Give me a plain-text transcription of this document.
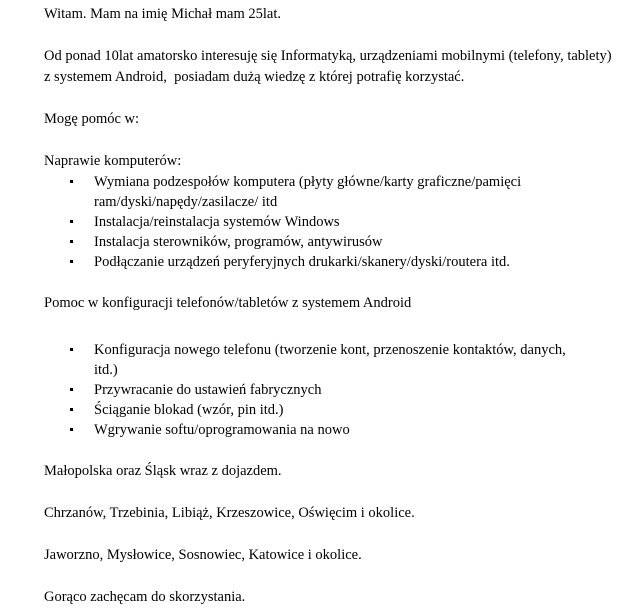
Witam. Mam na imię Michał mam 25lat.

Od ponad 10lat amatorsko interesuję się Informatyką, urządzeniami mobilnymi (telefony, tablety) z systemem Android,  posiadam dużą wiedzę z której potrafię korzystać.

Mogę pomóc w:

Naprawie komputerów:

Wymiana podzespołów komputera (płyty główne/karty graficzne/pamięci ram/dyski/napędy/zasilacze/ itd
Instalacja/reinstalacja systemów Windows
Instalacja sterowników, programów, antywirusów
Podłączanie urządzeń peryferyjnych drukarki/skanery/dyski/routera itd.

Pomoc w konfiguracji telefonów/tabletów z systemem Android

Konfiguracja nowego telefonu (tworzenie kont, przenoszenie kontaktów, danych, itd.)
Przywracanie do ustawień fabrycznych
Ściąganie blokad (wzór, pin itd.)
Wgrywanie softu/oprogramowania na nowo

Małopolska oraz Śląsk wraz z dojazdem.

Chrzanów, Trzebinia, Libiąż, Krzeszowice, Oświęcim i okolice.

Jaworzno, Mysłowice, Sosnowiec, Katowice i okolice.

Gorąco zachęcam do skorzystania.
